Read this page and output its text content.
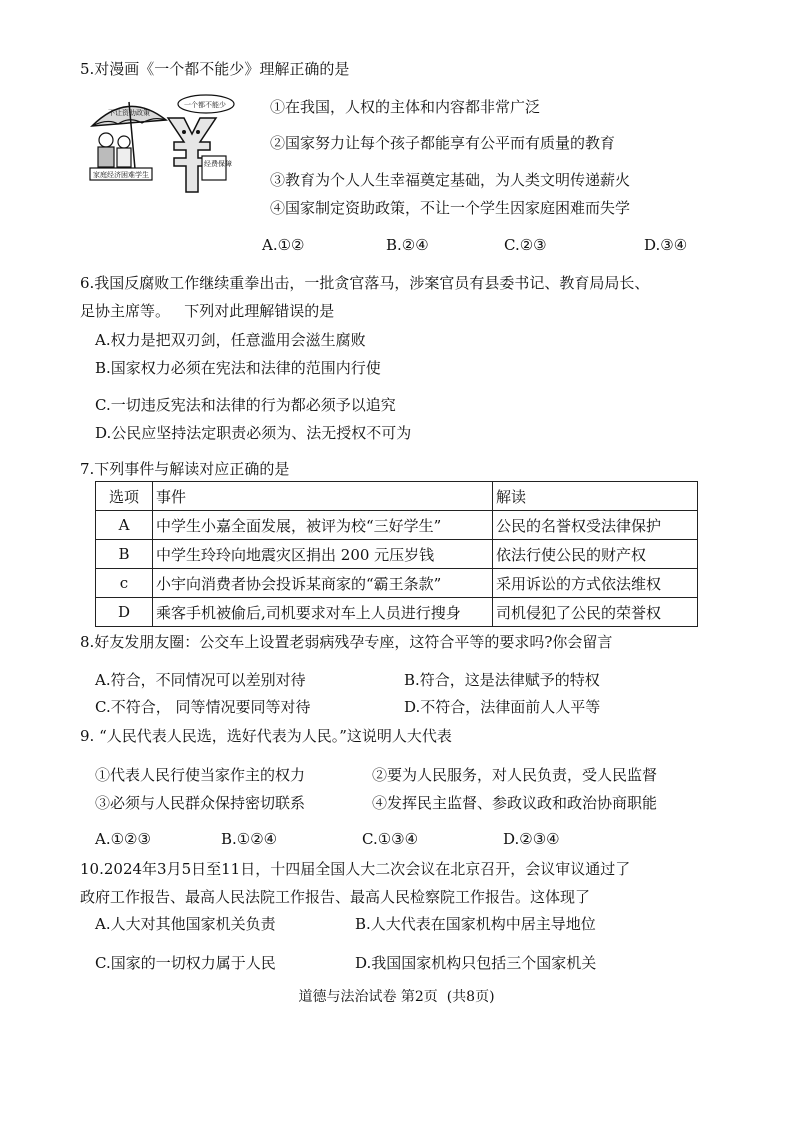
5.对漫画《一个都不能少》理解正确的是
不让资助政策
家庭经济困难学生
经费保障
一个都不能少	①在我国，人权的主体和内容都非常广泛
②国家努力让每个孩子都能享有公平而有质量的教育
③教育为个人人生幸福奠定基础，为人类文明传递薪火
④国家制定资助政策，不让一个学生因家庭困难而失学
A.①②	B.②④	C.②③	D.③④
6.我国反腐败工作继续重拳出击，一批贪官落马，涉案官员有县委书记、教育局局长、
足协主席等。   下列对此理解错误的是
A.权力是把双刃剑，任意滥用会滋生腐败
B.国家权力必须在宪法和法律的范围内行使
C.一切违反宪法和法律的行为都必须予以追究
D.公民应坚持法定职责必须为、法无授权不可为
7.下列事件与解读对应正确的是
选项	事件	解读
A	中学生小嘉全面发展，被评为校“三好学生”	公民的名誉权受法律保护
B	中学生玲玲向地震灾区捐出 200 元压岁钱	依法行使公民的财产权
c	小宇向消费者协会投诉某商家的“霸王条款”	采用诉讼的方式依法维权
D	乘客手机被偷后,司机要求对车上人员进行搜身	司机侵犯了公民的荣誉权
8.好友发朋友圈：公交车上设置老弱病残孕专座，这符合平等的要求吗?你会留言
A.符合，不同情况可以差别对待	B.符合，这是法律赋予的特权
C.不符合， 同等情况要同等对待	D.不符合，法律面前人人平等
9. “人民代表人民选，选好代表为人民。”这说明人大代表
①代表人民行使当家作主的权力	②要为人民服务，对人民负责，受人民监督
③必须与人民群众保持密切联系	④发挥民主监督、参政议政和政治协商职能
A.①②③	B.①②④	C.①③④	D.②③④
10.2024年3月5日至11日，十四届全国人大二次会议在北京召开，会议审议通过了
政府工作报告、最高人民法院工作报告、最高人民检察院工作报告。这体现了
A.人大对其他国家机关负责	B.人大代表在国家机构中居主导地位
C.国家的一切权力属于人民	D.我国国家机构只包括三个国家机关
道德与法治试卷 第2页  (共8页)
